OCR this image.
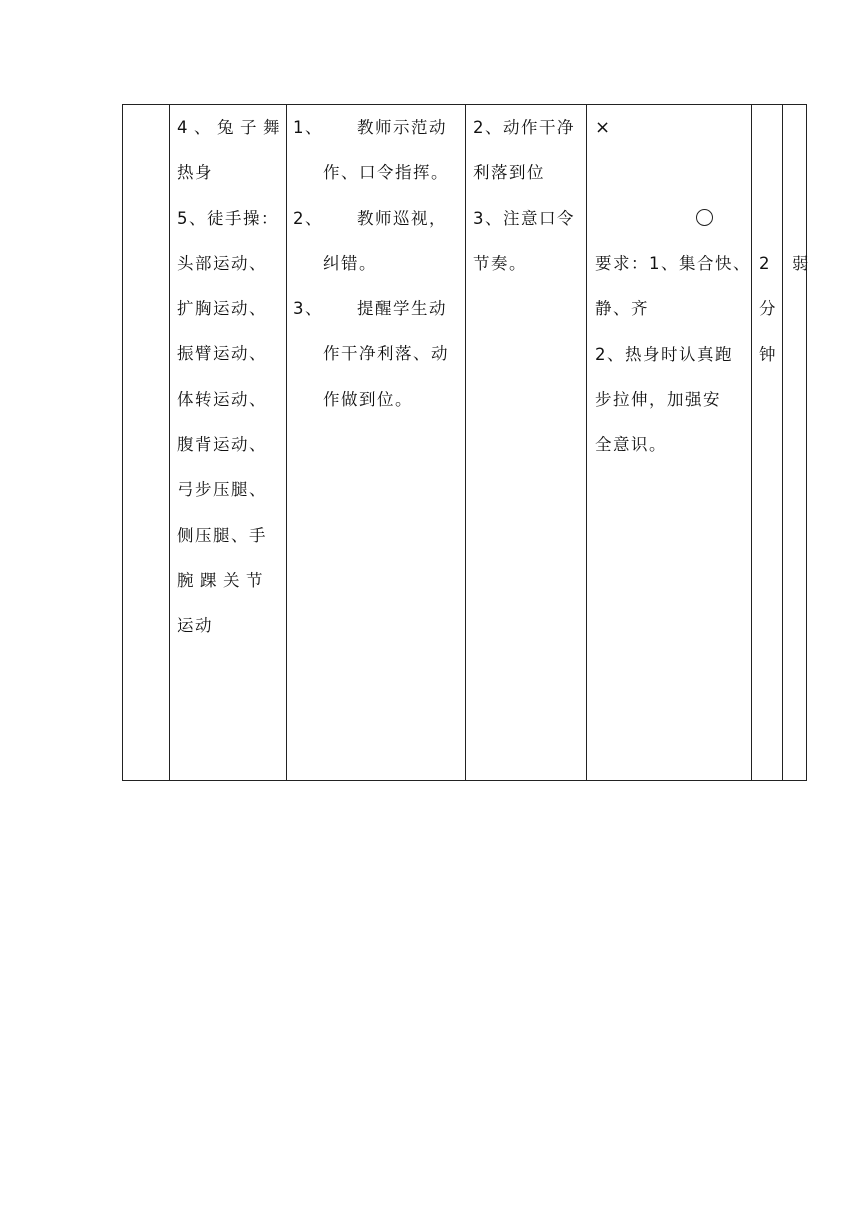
4、兔子舞
热身
5、徒手操：
头部运动、
扩胸运动、
振臂运动、
体转运动、
腹背运动、
弓步压腿、
侧压腿、手
腕踝关节
运动
1、 教师示范动
作、口令指挥。
2、 教师巡视，
纠错。
3、 提醒学生动
作干净利落、动
作做到位。
2、动作干净
利落到位
3、注意口令
节奏。
×
要求：1、集合快、
静、齐
2、热身时认真跑
步拉伸，加强安
全意识。
2
分
钟
弱
